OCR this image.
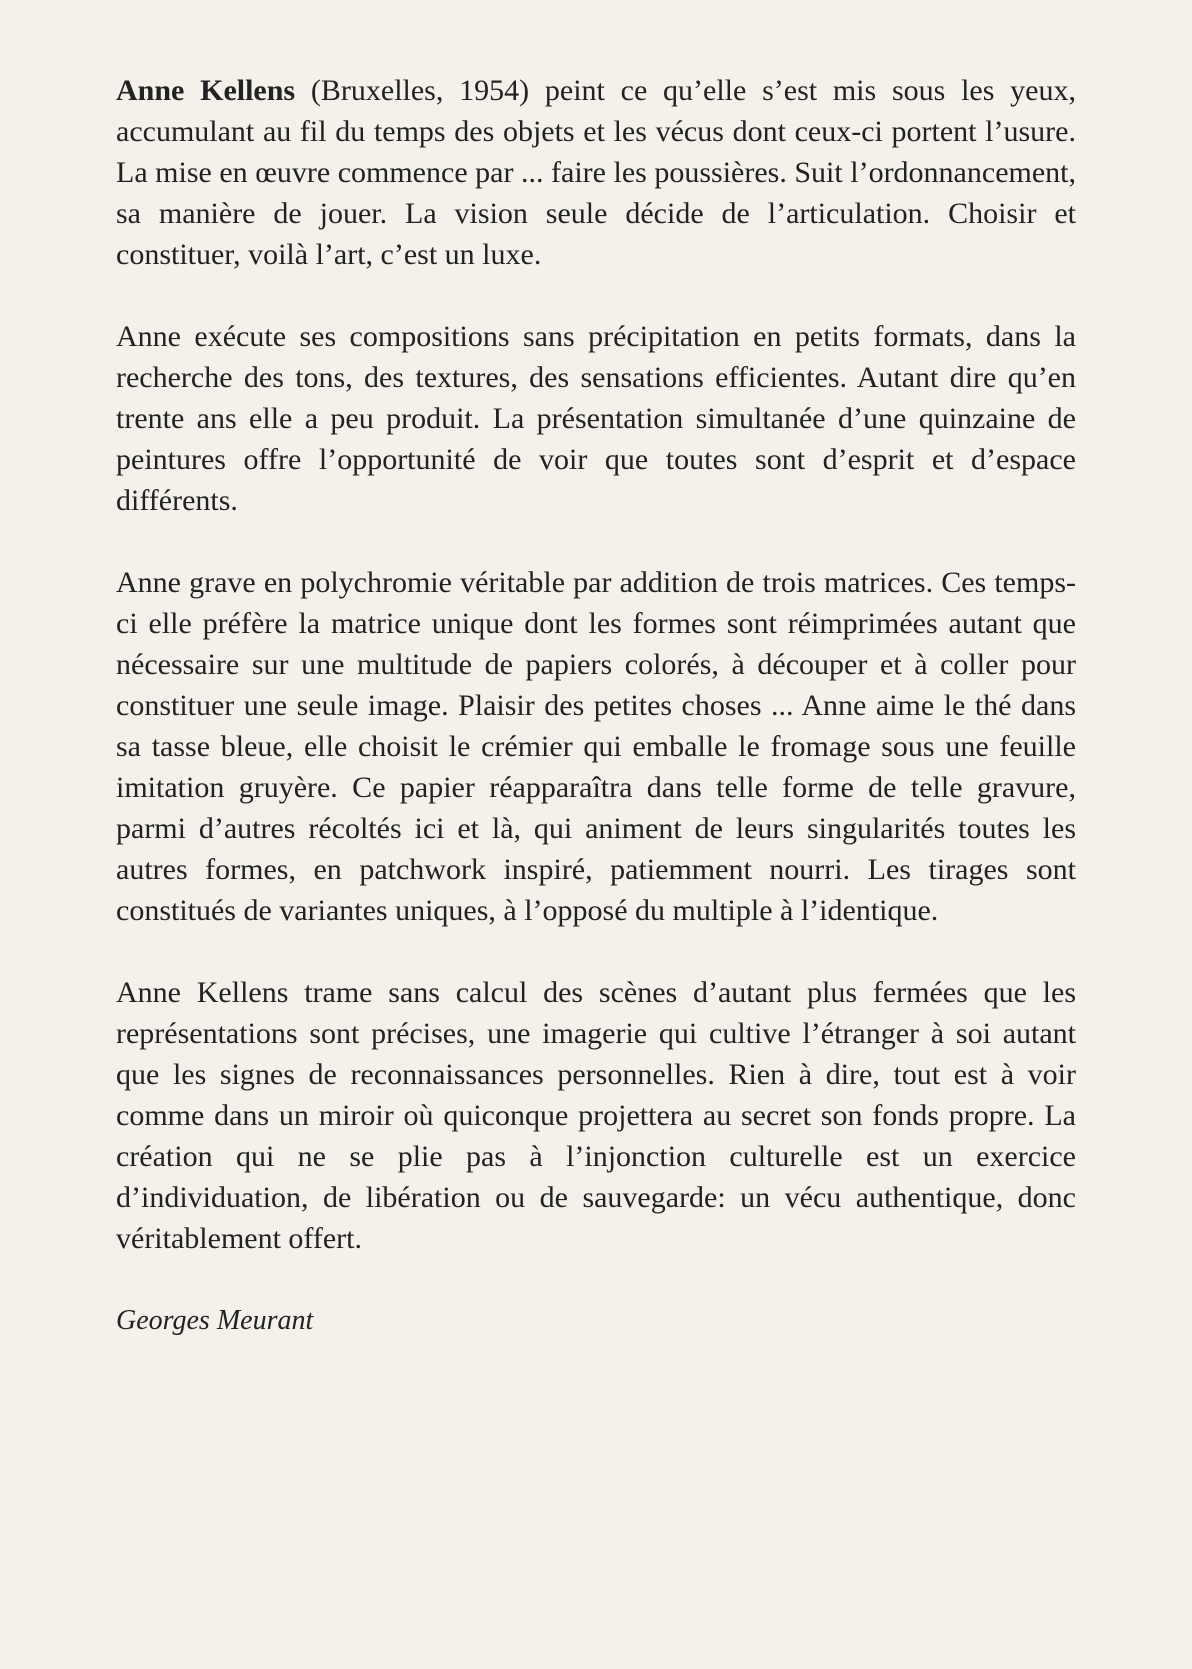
Anne Kellens (Bruxelles, 1954) peint ce qu’elle s’est mis sous les yeux, accumulant au fil du temps des objets et les vécus dont ceux-ci portent l’usure. La mise en œuvre commence par ... faire les poussières. Suit l’ordonnancement, sa manière de jouer. La vision seule décide de l’articulation. Choisir et constituer, voilà l’art, c’est un luxe.

Anne exécute ses compositions sans précipitation en petits formats, dans la recherche des tons, des textures, des sensations efficientes. Autant dire qu’en trente ans elle a peu produit. La présentation simultanée d’une quinzaine de peintures offre l’opportunité de voir que toutes sont d’esprit et d’espace différents.

Anne grave en polychromie véritable par addition de trois matrices. Ces temps-ci elle préfère la matrice unique dont les formes sont réimprimées autant que nécessaire sur une multitude de papiers colorés, à découper et à coller pour constituer une seule image. Plaisir des petites choses ... Anne aime le thé dans sa tasse bleue, elle choisit le crémier qui emballe le fromage sous une feuille imitation gruyère. Ce papier réapparaîtra dans telle forme de telle gravure, parmi d’autres récoltés ici et là, qui animent de leurs singularités toutes les autres formes, en patchwork inspiré, patiemment nourri. Les tirages sont constitués de variantes uniques, à l’opposé du multiple à l’identique.

Anne Kellens trame sans calcul des scènes d’autant plus fermées que les représentations sont précises, une imagerie qui cultive l’étranger à soi autant que les signes de reconnaissances personnelles. Rien à dire, tout est à voir comme dans un miroir où quiconque projettera au secret son fonds propre. La création qui ne se plie pas à l’injonction culturelle est un exercice d’individuation, de libération ou de sauvegarde: un vécu authentique, donc véritablement offert.

Georges Meurant
